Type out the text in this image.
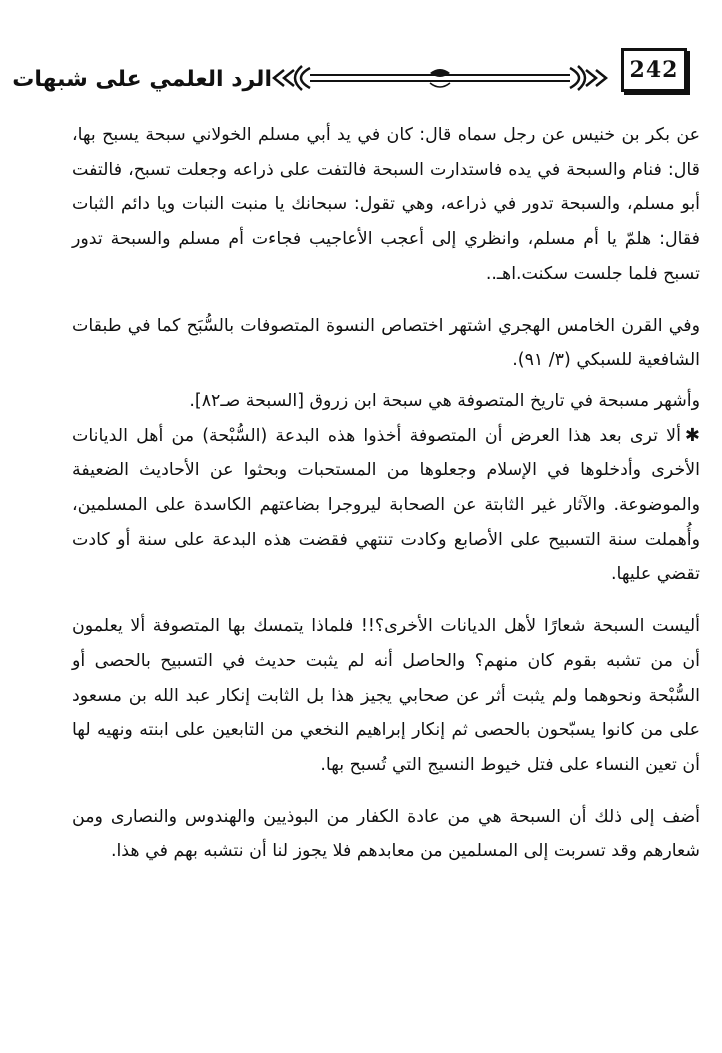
242
الرد العلمي على شبهات

عن بكر بن خنيس عن رجل سماه قال: كان في يد أبي مسلم الخولاني سبحة يسبح بها، قال: فنام والسبحة في يده فاستدارت السبحة فالتفت على ذراعه وجعلت تسبح، فالتفت أبو مسلم، والسبحة تدور في ذراعه، وهي تقول: سبحانك يا منبت النبات ويا دائم الثبات فقال: هلمّ يا أم مسلم، وانظري إلى أعجب الأعاجيب فجاءت أم مسلم والسبحة تدور تسبح فلما جلست سكنت.اهـ..

وفي القرن الخامس الهجري اشتهر اختصاص النسوة المتصوفات بالسُّبَح كما في طبقات الشافعية للسبكي (٣/ ٩١).

وأشهر مسبحة في تاريخ المتصوفة هي سبحة ابن زروق [السبحة صـ٨٢].

✱ألا ترى بعد هذا العرض أن المتصوفة أخذوا هذه البدعة (السُّبْحة) من أهل الديانات الأخرى وأدخلوها في الإسلام وجعلوها من المستحبات وبحثوا عن الأحاديث الضعيفة والموضوعة. والآثار غير الثابتة عن الصحابة ليروجرا بضاعتهم الكاسدة على المسلمين، وأُهملت سنة التسبيح على الأصابع وكادت تنتهي فقضت هذه البدعة على سنة أو كادت تقضي عليها.

أليست السبحة شعارًا لأهل الديانات الأخرى؟!! فلماذا يتمسك بها المتصوفة ألا يعلمون أن من تشبه بقوم كان منهم؟ والحاصل أنه لم يثبت حديث في التسبيح بالحصى أو السُّبْحة ونحوهما ولم يثبت أثر عن صحابي يجيز هذا بل الثابت إنكار عبد الله بن مسعود على من كانوا يسبّحون بالحصى ثم إنكار إبراهيم النخعي من التابعين على ابنته ونهيه لها أن تعين النساء على فتل خيوط النسيج التي تُسبح بها.

أضف إلى ذلك أن السبحة هي من عادة الكفار من البوذيين والهندوس والنصارى ومن شعارهم وقد تسربت إلى المسلمين من معابدهم فلا يجوز لنا أن نتشبه بهم في هذا.
